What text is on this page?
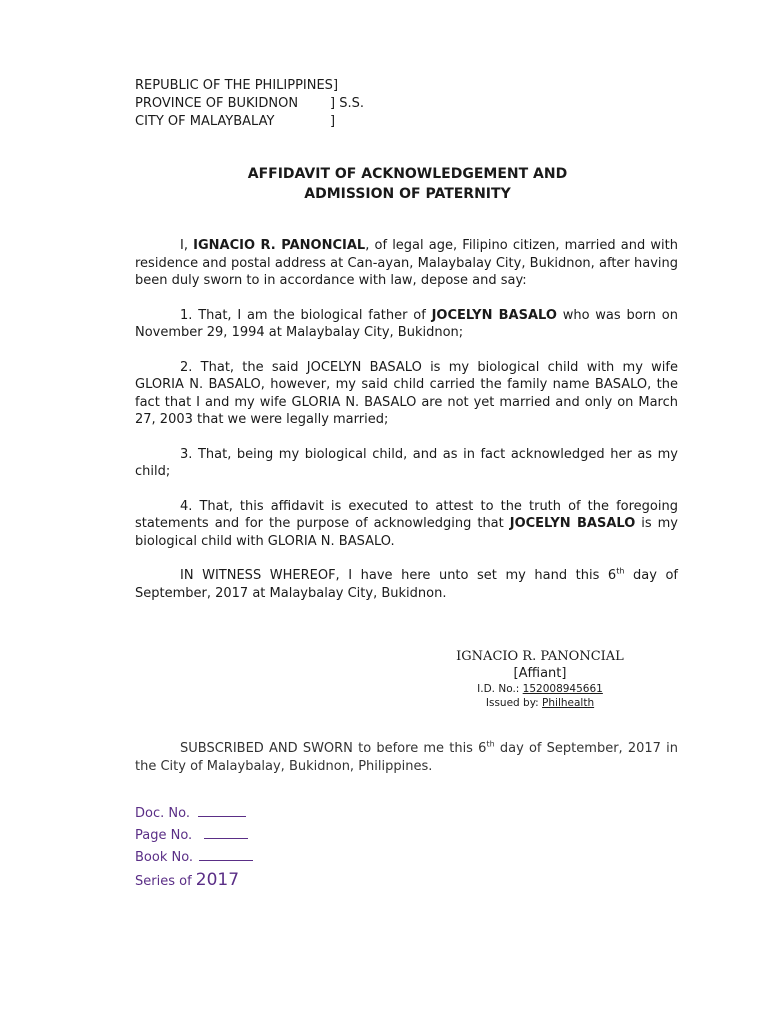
REPUBLIC OF THE PHILIPPINES]
PROVINCE OF BUKIDNON	] S.S.
CITY OF MALAYBALAY	]
AFFIDAVIT OF ACKNOWLEDGEMENT AND
ADMISSION OF PATERNITY

I, IGNACIO R. PANONCIAL, of legal age, Filipino citizen, married and with residence and postal address at Can-ayan, Malaybalay City, Bukidnon, after having been duly sworn to in accordance with law, depose and say:

1. That, I am the biological father of JOCELYN BASALO who was born on November 29, 1994 at Malaybalay City, Bukidnon;

2. That, the said JOCELYN BASALO is my biological child with my wife GLORIA N. BASALO, however, my said child carried the family name BASALO, the fact that I and my wife GLORIA N. BASALO are not yet married and only on March 27, 2003 that we were legally married;

3. That, being my biological child, and as in fact acknowledged her as my child;

4. That, this affidavit is executed to attest to the truth of the foregoing statements and for the purpose of acknowledging that JOCELYN BASALO is my biological child with GLORIA N. BASALO.

IN WITNESS WHEREOF, I have here unto set my hand this 6th day of September, 2017 at Malaybalay City, Bukidnon.

IGNACIO R. PANONCIAL
[Affiant]
I.D. No.: 152008945661
Issued by: Philhealth

SUBSCRIBED AND SWORN to before me this 6th day of September, 2017 in the City of Malaybalay, Bukidnon, Philippines.

Doc. No.
Page No.
Book No.
Series of 2017
